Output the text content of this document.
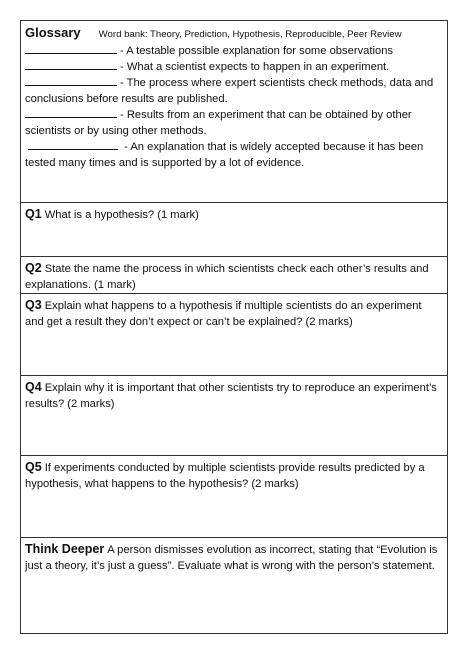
Glossary Word bank: Theory, Prediction, Hypothesis, Reproducible, Peer Review
- A testable possible explanation for some observations
- What a scientist expects to happen in an experiment.
- The process where expert scientists check methods, data and conclusions before results are published.
- Results from an experiment that can be obtained by other scientists or by using other methods.
- An explanation that is widely accepted because it has been tested many times and is supported by a lot of evidence.
Q1 What is a hypothesis? (1 mark)
Q2 State the name the process in which scientists check each other’s results and explanations. (1 mark)
Q3 Explain what happens to a hypothesis if multiple scientists do an experiment and get a result they don’t expect or can’t be explained? (2 marks)
Q4 Explain why it is important that other scientists try to reproduce an experiment’s results? (2 marks)
Q5 If experiments conducted by multiple scientists provide results predicted by a hypothesis, what happens to the hypothesis? (2 marks)
Think Deeper A person dismisses evolution as incorrect, stating that “Evolution is just a theory, it’s just a guess”. Evaluate what is wrong with the person’s statement.
